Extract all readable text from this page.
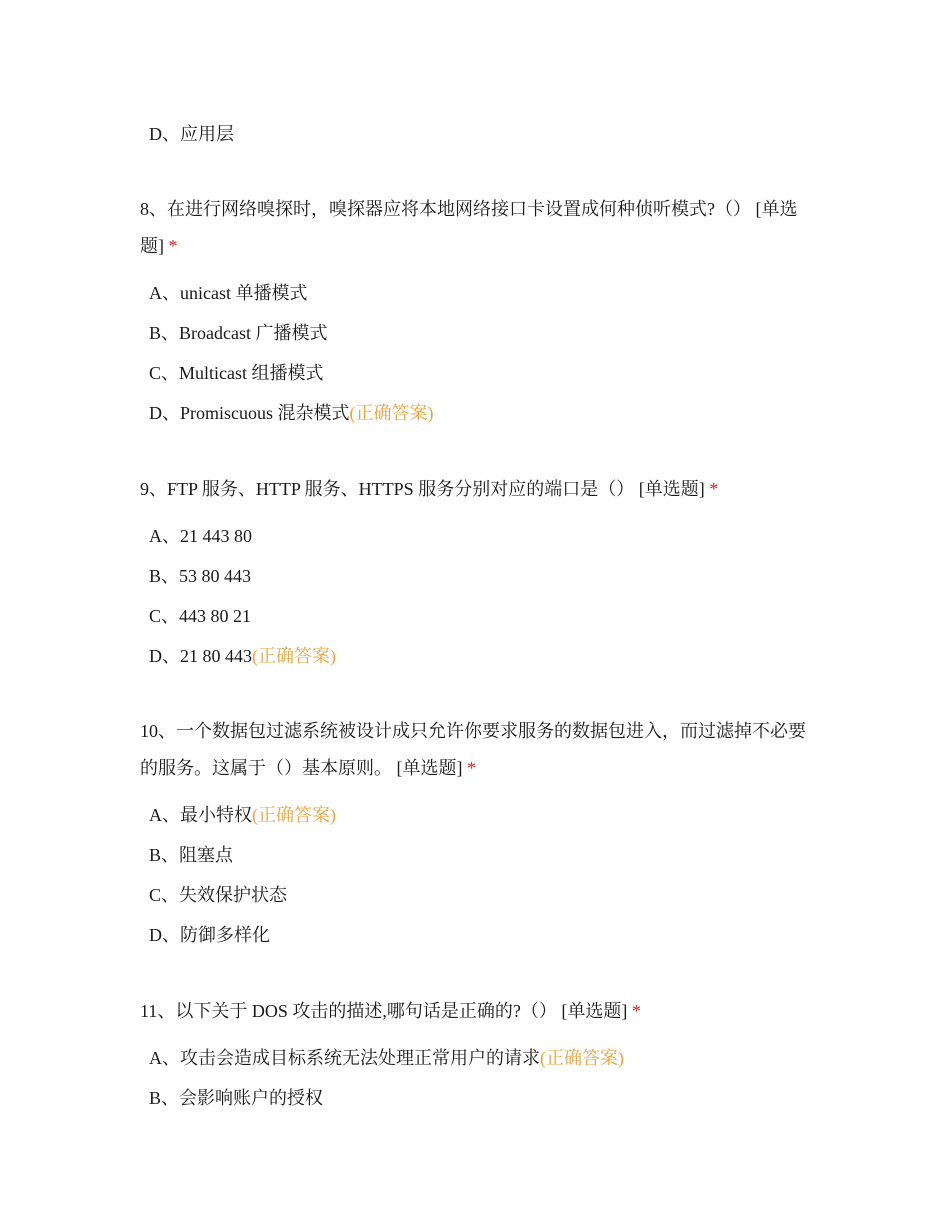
D、应用层

8、在进行网络嗅探时，嗅探器应将本地网络接口卡设置成何种侦听模式?（） [单选题] *

A、unicast 单播模式
B、Broadcast 广播模式
C、Multicast 组播模式
D、Promiscuous 混杂模式(正确答案)

9、FTP 服务、HTTP 服务、HTTPS 服务分别对应的端口是（） [单选题] *

A、21 443 80
B、53 80 443
C、443 80 21
D、21 80 443(正确答案)

10、一个数据包过滤系统被设计成只允许你要求服务的数据包进入，而过滤掉不必要的服务。这属于（）基本原则。 [单选题] *

A、最小特权(正确答案)
B、阻塞点
C、失效保护状态
D、防御多样化

11、以下关于 DOS 攻击的描述,哪句话是正确的?（） [单选题] *

A、攻击会造成目标系统无法处理正常用户的请求(正确答案)
B、会影响账户的授权
